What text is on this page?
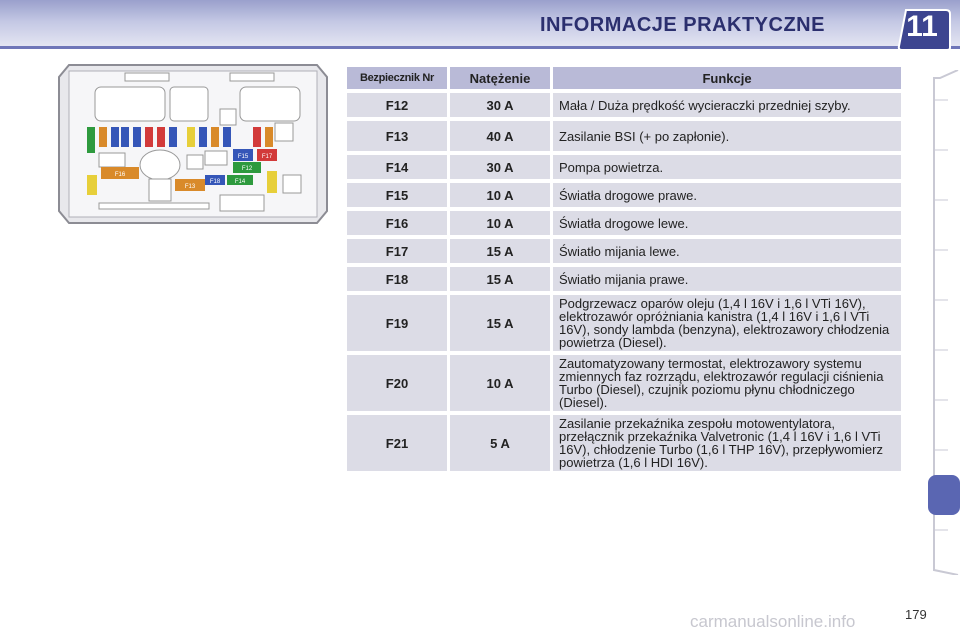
INFORMACJE PRAKTYCZNE	11
F15 F17
F12
F16
F18 F14
F13
Bezpiecznik Nr	Natężenie	Funkcje
F12	30 A	Mała / Duża prędkość wycieraczki przedniej szyby.
F13	40 A	Zasilanie BSI (+ po zapłonie).
F14	30 A	Pompa powietrza.
F15	10 A	Światła drogowe prawe.
F16	10 A	Światła drogowe lewe.
F17	15 A	Światło mijania lewe.
F18	15 A	Światło mijania prawe.
F19	15 A	Podgrzewacz oparów oleju (1,4 l 16V i 1,6 l VTi 16V), elektrozawór opróżniania kanistra (1,4 l 16V i 1,6 l VTi 16V), sondy lambda (benzyna), elektrozawory chłodzenia powietrza (Diesel).
F20	10 A	Zautomatyzowany termostat, elektrozawory systemu zmiennych faz rozrządu, elektrozawór regulacji ciśnienia Turbo (Diesel), czujnik poziomu płynu chłodniczego (Diesel).
F21	5 A	Zasilanie przekaźnika zespołu motowentylatora, przełącznik przekaźnika Valvetronic (1,4 l 16V i 1,6 l VTi 16V), chłodzenie Turbo (1,6 l THP 16V), przepływomierz powietrza (1,6 l HDI 16V).
carmanualsonline.info	179
